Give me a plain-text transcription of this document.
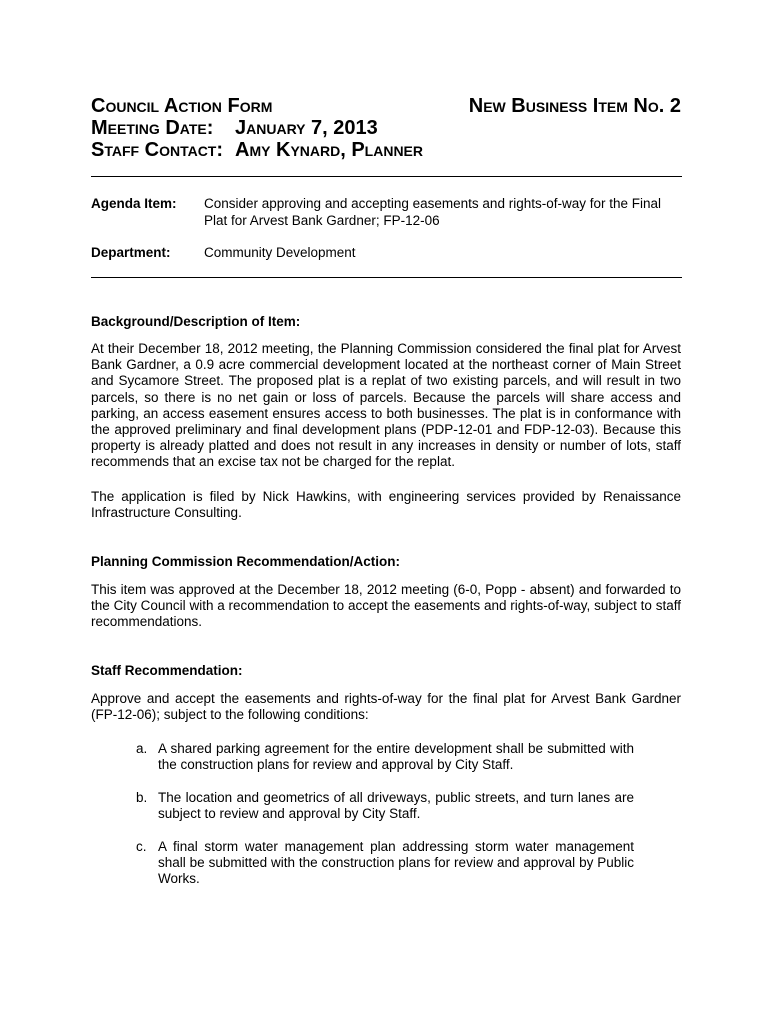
Council Action Form	New Business Item No. 2
Meeting Date: January 7, 2013
Staff Contact: Amy Kynard, Planner
Agenda Item: Consider approving and accepting easements and rights-of-way for the Final Plat for Arvest Bank Gardner; FP-12-06
Department: Community Development
Background/Description of Item:

At their December 18, 2012 meeting, the Planning Commission considered the final plat for Arvest Bank Gardner, a 0.9 acre commercial development located at the northeast corner of Main Street and Sycamore Street. The proposed plat is a replat of two existing parcels, and will result in two parcels, so there is no net gain or loss of parcels. Because the parcels will share access and parking, an access easement ensures access to both businesses. The plat is in conformance with the approved preliminary and final development plans (PDP-12-01 and FDP-12-03). Because this property is already platted and does not result in any increases in density or number of lots, staff recommends that an excise tax not be charged for the replat.

The application is filed by Nick Hawkins, with engineering services provided by Renaissance Infrastructure Consulting.

Planning Commission Recommendation/Action:

This item was approved at the December 18, 2012 meeting (6-0, Popp - absent) and forwarded to the City Council with a recommendation to accept the easements and rights-of-way, subject to staff recommendations.

Staff Recommendation:

Approve and accept the easements and rights-of-way for the final plat for Arvest Bank Gardner (FP-12-06); subject to the following conditions:

a. A shared parking agreement for the entire development shall be submitted with the construction plans for review and approval by City Staff.
b. The location and geometrics of all driveways, public streets, and turn lanes are subject to review and approval by City Staff.
c. A final storm water management plan addressing storm water management shall be submitted with the construction plans for review and approval by Public Works.
